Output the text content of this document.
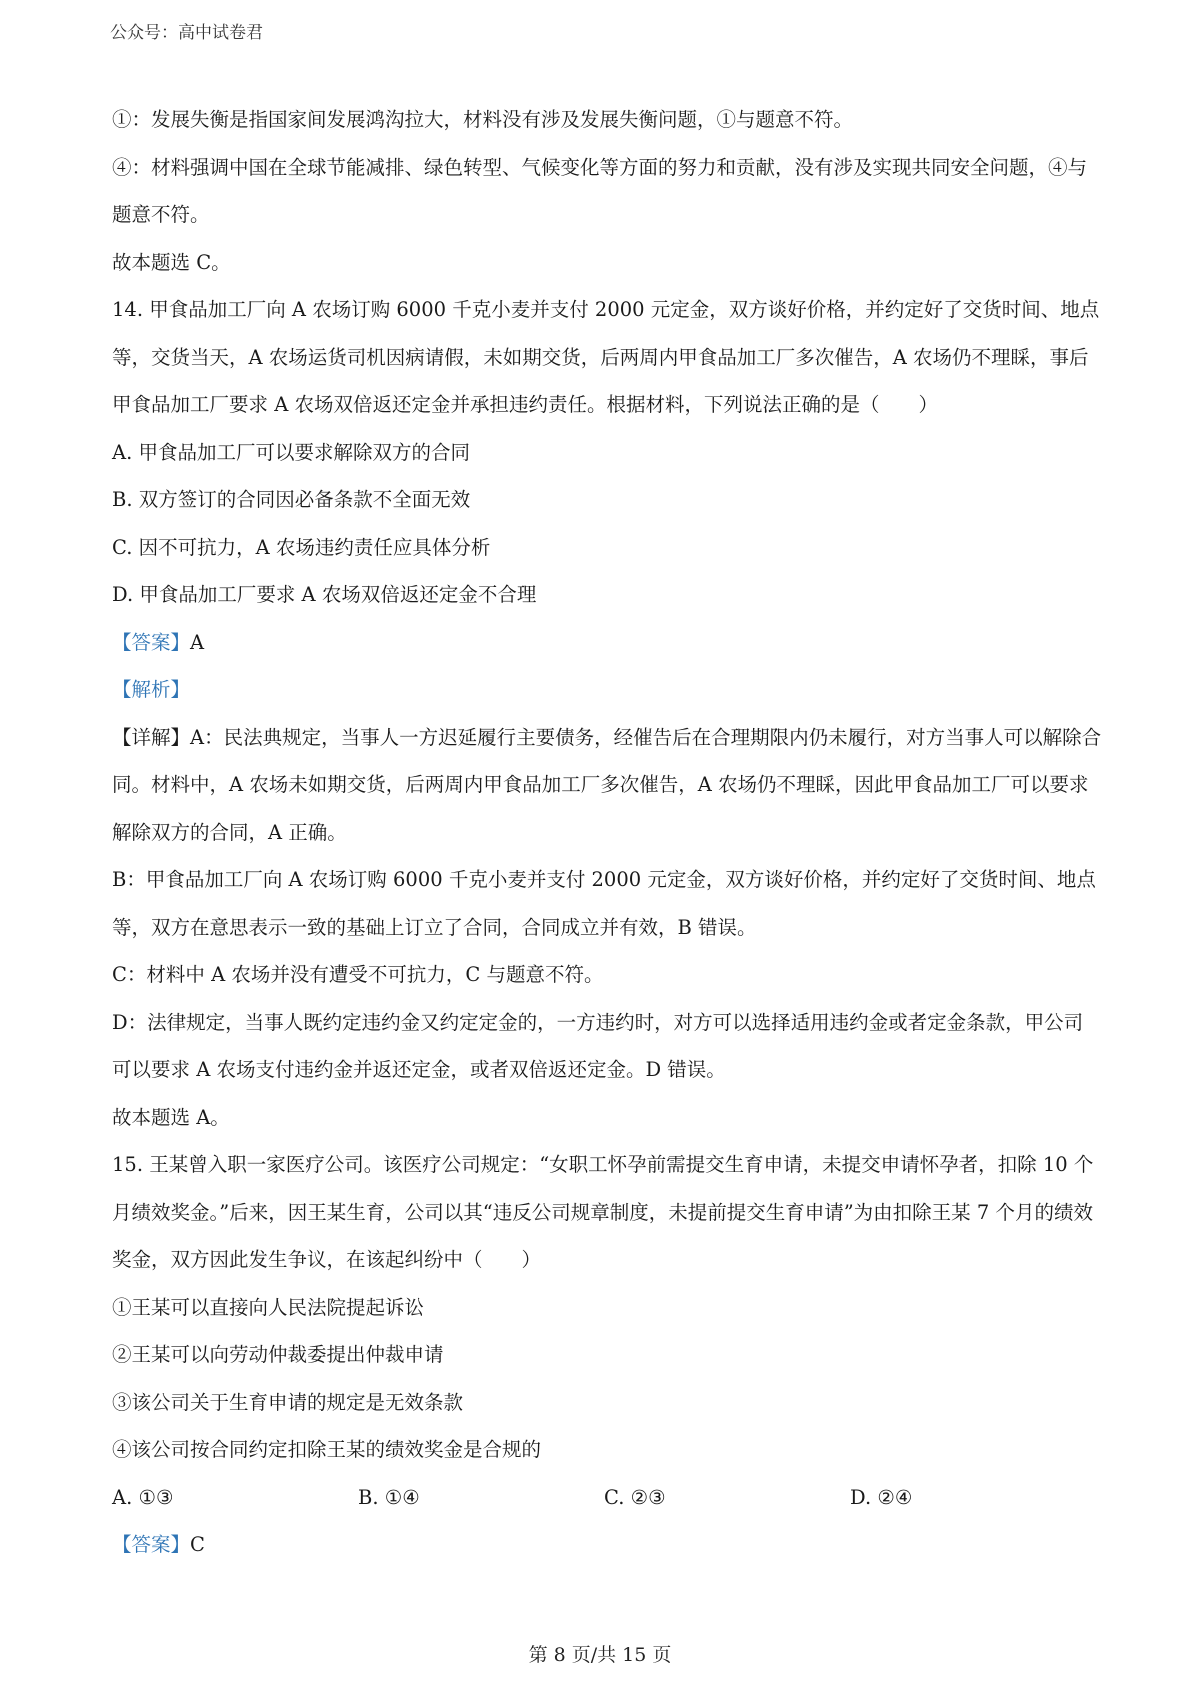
公众号：高中试卷君

①：发展失衡是指国家间发展鸿沟拉大，材料没有涉及发展失衡问题，①与题意不符。

④：材料强调中国在全球节能减排、绿色转型、气候变化等方面的努力和贡献，没有涉及实现共同安全问题，④与题意不符。

故本题选 C。

14. 甲食品加工厂向 A 农场订购 6000 千克小麦并支付 2000 元定金，双方谈好价格，并约定好了交货时间、地点等，交货当天，A 农场运货司机因病请假，未如期交货，后两周内甲食品加工厂多次催告，A 农场仍不理睬，事后甲食品加工厂要求 A 农场双倍返还定金并承担违约责任。根据材料，下列说法正确的是（　　）

A. 甲食品加工厂可以要求解除双方的合同

B. 双方签订的合同因必备条款不全面无效

C. 因不可抗力，A 农场违约责任应具体分析

D. 甲食品加工厂要求 A 农场双倍返还定金不合理

【答案】A

【解析】

【详解】A：民法典规定，当事人一方迟延履行主要债务，经催告后在合理期限内仍未履行，对方当事人可以解除合同。材料中，A 农场未如期交货，后两周内甲食品加工厂多次催告，A 农场仍不理睬，因此甲食品加工厂可以要求解除双方的合同，A 正确。

B：甲食品加工厂向 A 农场订购 6000 千克小麦并支付 2000 元定金，双方谈好价格，并约定好了交货时间、地点等，双方在意思表示一致的基础上订立了合同，合同成立并有效，B 错误。

C：材料中 A 农场并没有遭受不可抗力，C 与题意不符。

D：法律规定，当事人既约定违约金又约定定金的，一方违约时，对方可以选择适用违约金或者定金条款，甲公司可以要求 A 农场支付违约金并返还定金，或者双倍返还定金。D 错误。

故本题选 A。

15. 王某曾入职一家医疗公司。该医疗公司规定：“女职工怀孕前需提交生育申请，未提交申请怀孕者，扣除 10 个月绩效奖金。”后来，因王某生育，公司以其“违反公司规章制度，未提前提交生育申请”为由扣除王某 7 个月的绩效奖金，双方因此发生争议，在该起纠纷中（　　）

①王某可以直接向人民法院提起诉讼

②王某可以向劳动仲裁委提出仲裁申请

③该公司关于生育申请的规定是无效条款

④该公司按合同约定扣除王某的绩效奖金是合规的

A. ①③	B. ①④	C. ②③	D. ②④

【答案】C

第 8 页/共 15 页
